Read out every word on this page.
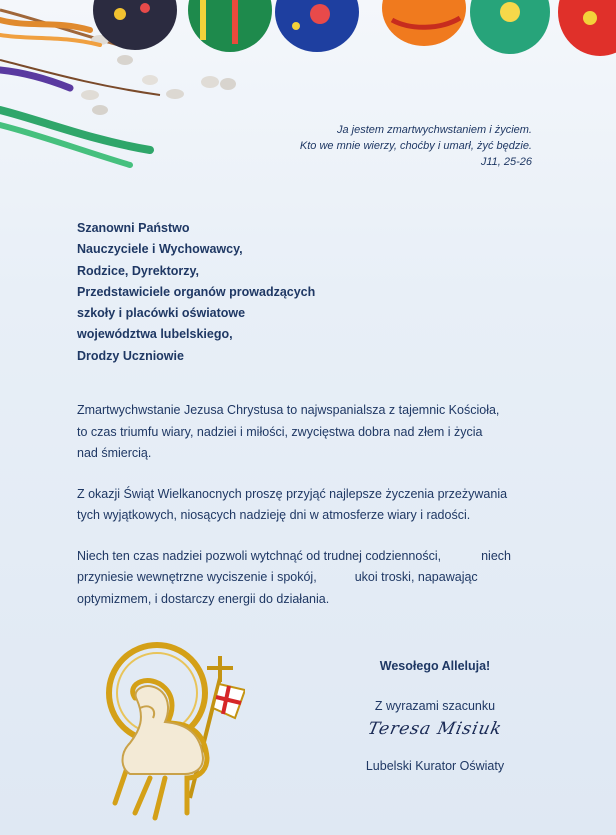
Ja jestem zmartwychwstaniem i życiem.
Kto we mnie wierzy, choćby i umarł, żyć będzie.
J11, 25-26
Szanowni Państwo
Nauczyciele i Wychowawcy,
Rodzice, Dyrektorzy,
Przedstawiciele organów prowadzących
szkoły i placówki oświatowe
województwa lubelskiego,
Drodzy Uczniowie

Zmartwychwstanie Jezusa Chrystusa to najwspanialsza z tajemnic Kościoła,
to czas triumfu wiary, nadziei i miłości, zwycięstwa dobra nad złem i życia
nad śmiercią.

Z okazji Świąt Wielkanocnych proszę przyjąć najlepsze życzenia przeżywania
tych wyjątkowych, niosących nadzieję dni w atmosferze wiary i radości.

Niech ten czas nadziei pozwoli wytchnąć od trudnej codzienności,	niech
przyniesie wewnętrzne wyciszenie i spokój,	ukoi troski, napawając
optymizmem, i dostarczy energii do działania.

Wesołego Alleluja!
Z wyrazami szacunku
Teresa Misiuk
Lubelski Kurator Oświaty
